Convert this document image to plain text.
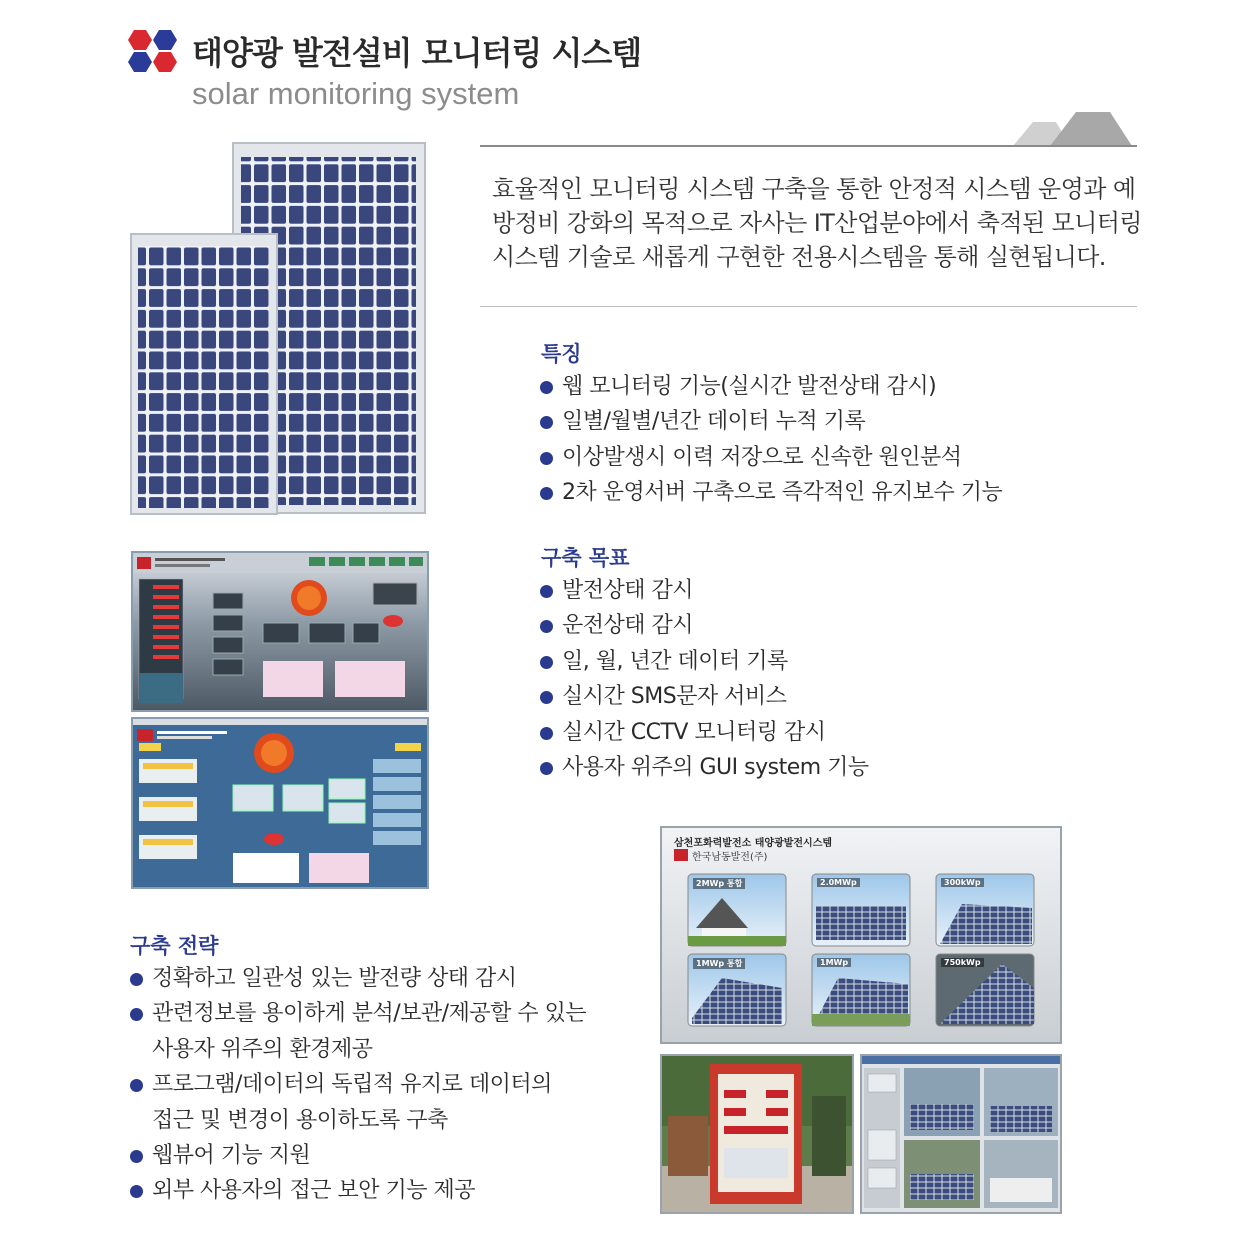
태양광 발전설비 모니터링 시스템
solar monitoring system
효율적인 모니터링 시스템 구축을 통한 안정적 시스템 운영과 예
방정비 강화의 목적으로 자사는 IT산업분야에서 축적된 모니터링
시스템 기술로 새롭게 구현한 전용시스템을 통해 실현됩니다.
특징
웹 모니터링 기능(실시간 발전상태 감시)
일별/월별/년간 데이터 누적 기록
이상발생시 이력 저장으로 신속한 원인분석
2차 운영서버 구축으로 즉각적인 유지보수 기능
구축 목표
발전상태 감시
운전상태 감시
일, 월, 년간 데이터 기록
실시간 SMS문자 서비스
실시간 CCTV 모니터링 감시
사용자 위주의 GUI system 기능
구축 전략
정확하고 일관성 있는 발전량 상태 감시
관련정보를 용이하게 분석/보관/제공할 수 있는
사용자 위주의 환경제공
프로그램/데이터의 독립적 유지로 데이터의
접근 및 변경이 용이하도록 구축
웹뷰어 기능 지원
외부 사용자의 접근 보안 기능 제공
삼천포화력발전소 태양광발전시스템
한국남동발전(주)
2MWp 통합	2.0MWp	300kWp
1MWp 통합	1MWp	750kWp
